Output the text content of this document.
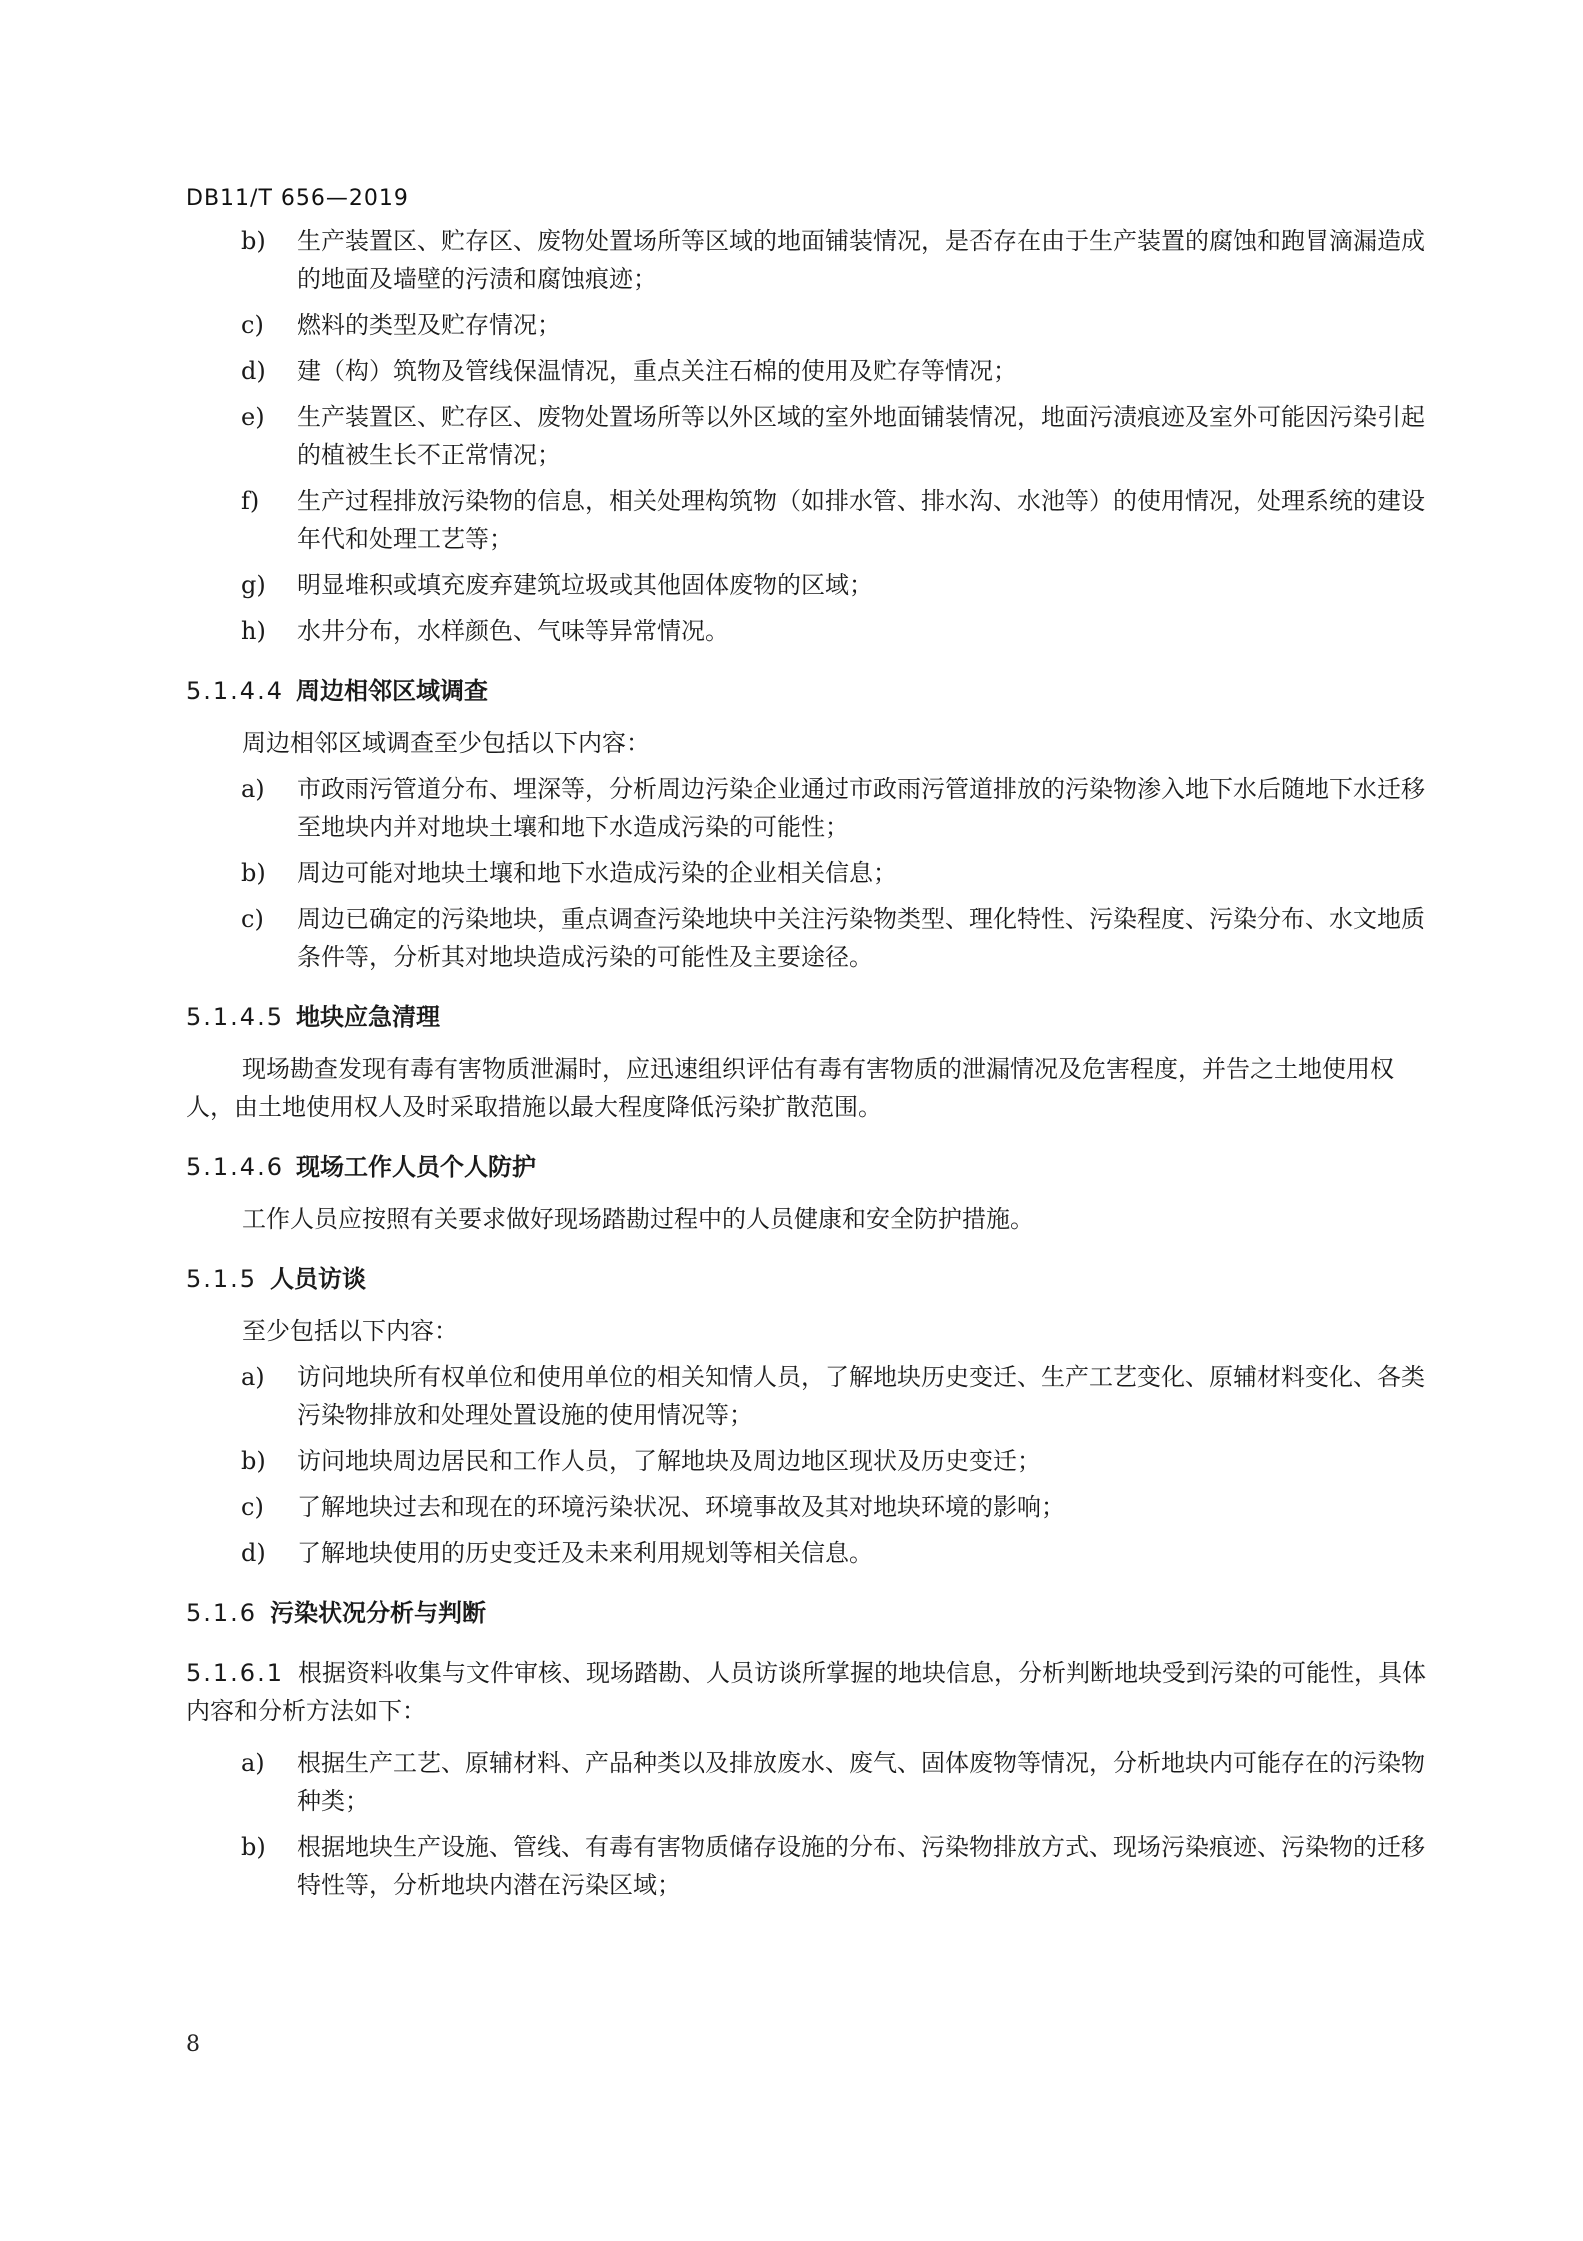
DB11/T 656—2019
b) 生产装置区、贮存区、废物处置场所等区域的地面铺装情况，是否存在由于生产装置的腐蚀和跑冒滴漏造成的地面及墙壁的污渍和腐蚀痕迹；
c) 燃料的类型及贮存情况；
d) 建（构）筑物及管线保温情况，重点关注石棉的使用及贮存等情况；
e) 生产装置区、贮存区、废物处置场所等以外区域的室外地面铺装情况，地面污渍痕迹及室外可能因污染引起的植被生长不正常情况；
f) 生产过程排放污染物的信息，相关处理构筑物（如排水管、排水沟、水池等）的使用情况，处理系统的建设年代和处理工艺等；
g) 明显堆积或填充废弃建筑垃圾或其他固体废物的区域；
h) 水井分布，水样颜色、气味等异常情况。
5.1.4.4 周边相邻区域调查
周边相邻区域调查至少包括以下内容：
a) 市政雨污管道分布、埋深等，分析周边污染企业通过市政雨污管道排放的污染物渗入地下水后随地下水迁移至地块内并对地块土壤和地下水造成污染的可能性；
b) 周边可能对地块土壤和地下水造成污染的企业相关信息；
c) 周边已确定的污染地块，重点调查污染地块中关注污染物类型、理化特性、污染程度、污染分布、水文地质条件等，分析其对地块造成污染的可能性及主要途径。
5.1.4.5 地块应急清理
现场勘查发现有毒有害物质泄漏时，应迅速组织评估有毒有害物质的泄漏情况及危害程度，并告之土地使用权人，由土地使用权人及时采取措施以最大程度降低污染扩散范围。
5.1.4.6 现场工作人员个人防护
工作人员应按照有关要求做好现场踏勘过程中的人员健康和安全防护措施。
5.1.5 人员访谈
至少包括以下内容：
a) 访问地块所有权单位和使用单位的相关知情人员，了解地块历史变迁、生产工艺变化、原辅材料变化、各类污染物排放和处理处置设施的使用情况等；
b) 访问地块周边居民和工作人员，了解地块及周边地区现状及历史变迁；
c) 了解地块过去和现在的环境污染状况、环境事故及其对地块环境的影响；
d) 了解地块使用的历史变迁及未来利用规划等相关信息。
5.1.6 污染状况分析与判断
5.1.6.1 根据资料收集与文件审核、现场踏勘、人员访谈所掌握的地块信息，分析判断地块受到污染的可能性，具体内容和分析方法如下：
a) 根据生产工艺、原辅材料、产品种类以及排放废水、废气、固体废物等情况，分析地块内可能存在的污染物种类；
b) 根据地块生产设施、管线、有毒有害物质储存设施的分布、污染物排放方式、现场污染痕迹、污染物的迁移特性等，分析地块内潜在污染区域；
8
